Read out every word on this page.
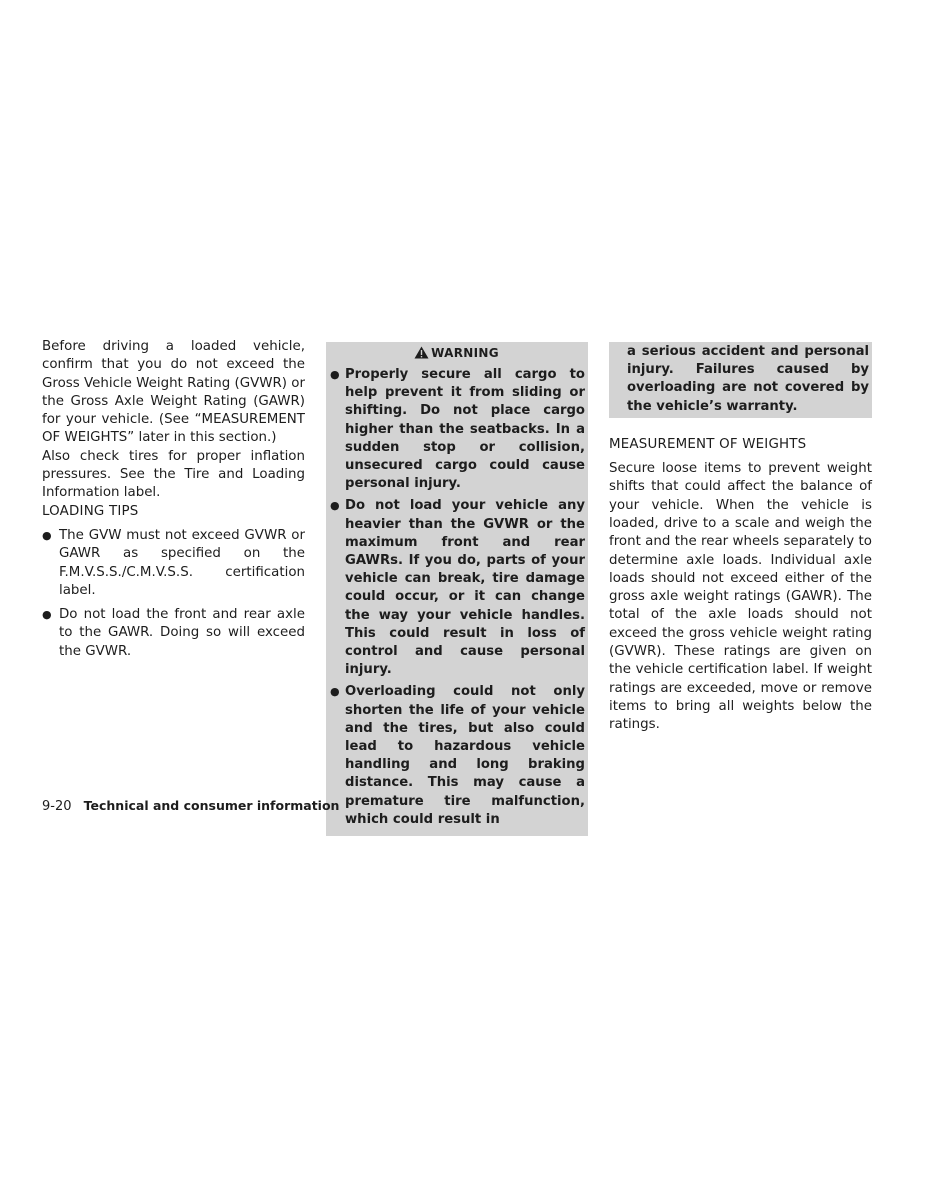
Before driving a loaded vehicle, confirm that you do not exceed the Gross Vehicle Weight Rating (GVWR) or the Gross Axle Weight Rating (GAWR) for your vehicle. (See “MEASUREMENT OF WEIGHTS” later in this section.)

Also check tires for proper inflation pressures. See the Tire and Loading Information label.

LOADING TIPS

● The GVW must not exceed GVWR or GAWR as specified on the F.M.V.S.S./C.M.V.S.S. certification label.
● Do not load the front and rear axle to the GAWR. Doing so will exceed the GVWR.
WARNING
● Properly secure all cargo to help prevent it from sliding or shifting. Do not place cargo higher than the seatbacks. In a sudden stop or collision, unsecured cargo could cause personal injury.
● Do not load your vehicle any heavier than the GVWR or the maximum front and rear GAWRs. If you do, parts of your vehicle can break, tire damage could occur, or it can change the way your vehicle handles. This could result in loss of control and cause personal injury.
● Overloading could not only shorten the life of your vehicle and the tires, but also could lead to hazardous vehicle handling and long braking distance. This may cause a premature tire malfunction, which could result in
a serious accident and personal injury. Failures caused by overloading are not covered by the vehicle’s warranty.

MEASUREMENT OF WEIGHTS

Secure loose items to prevent weight shifts that could affect the balance of your vehicle. When the vehicle is loaded, drive to a scale and weigh the front and the rear wheels separately to determine axle loads. Individual axle loads should not exceed either of the gross axle weight ratings (GAWR). The total of the axle loads should not exceed the gross vehicle weight rating (GVWR). These ratings are given on the vehicle certification label. If weight ratings are exceeded, move or remove items to bring all weights below the ratings.

9-20 Technical and consumer information
